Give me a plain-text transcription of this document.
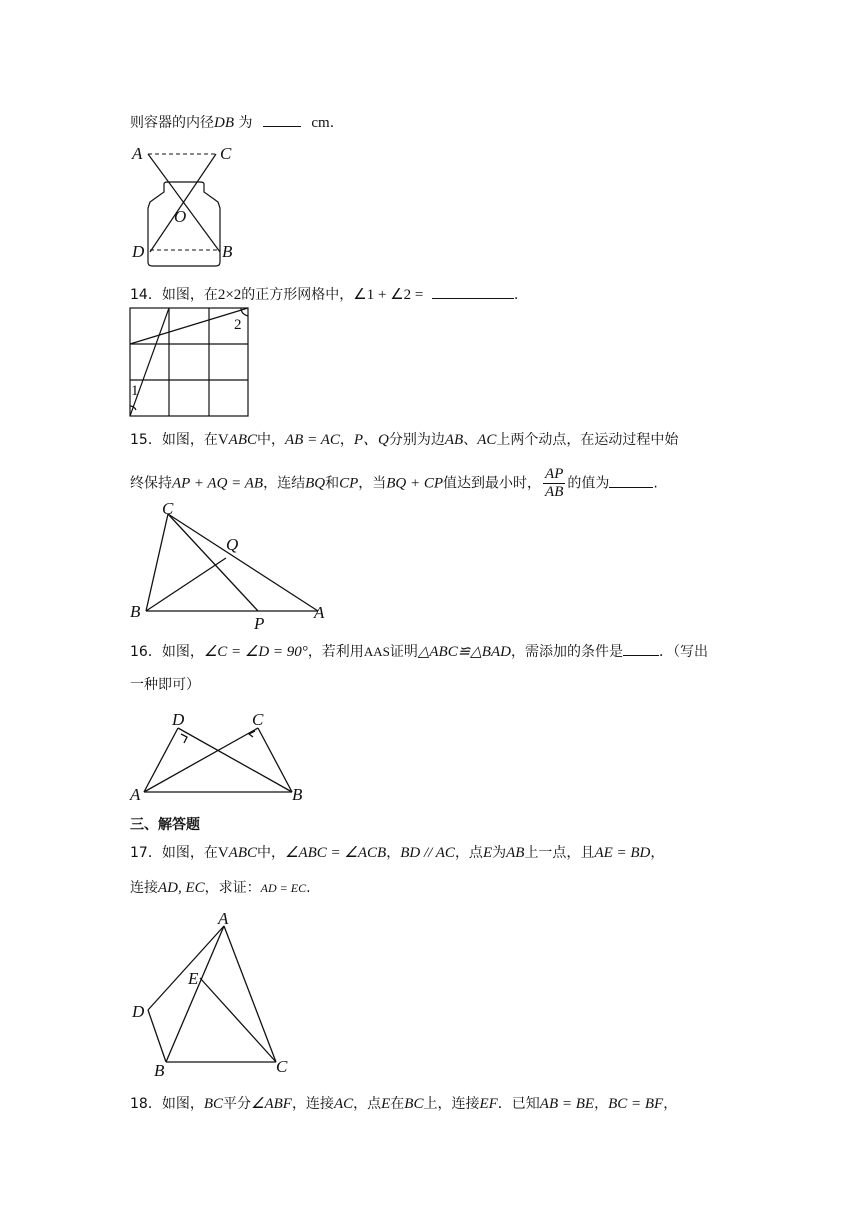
则容器的内径DB 为	cm.
A	C
O
D	B
14．如图，在2×2的正方形网格中，∠1 + ∠2 =	.
1
2
15．如图，在VABC中，AB = AC，P、Q分别为边AB、AC上两个动点，在运动过程中始
终保持AP + AQ = AB，连结BQ和CP，当BQ + CP值达到最小时， $\frac{AP}{AB}$ 的值为	.
C
Q
B
P
A
16．如图，∠C = ∠D = 90°，若利用AAS证明△ABC≌△BAD，需添加的条件是	．（写出
一种即可）
D	C
A	B
三、解答题
17．如图，在VABC中，∠ABC = ∠ACB，BD // AC，点E为AB上一点，且AE = BD，
连接AD, EC，求证：AD = EC.
A
E
D
B	C
18．如图，BC平分∠ABF，连接AC，点E在BC上，连接EF．已知AB = BE，BC = BF，
